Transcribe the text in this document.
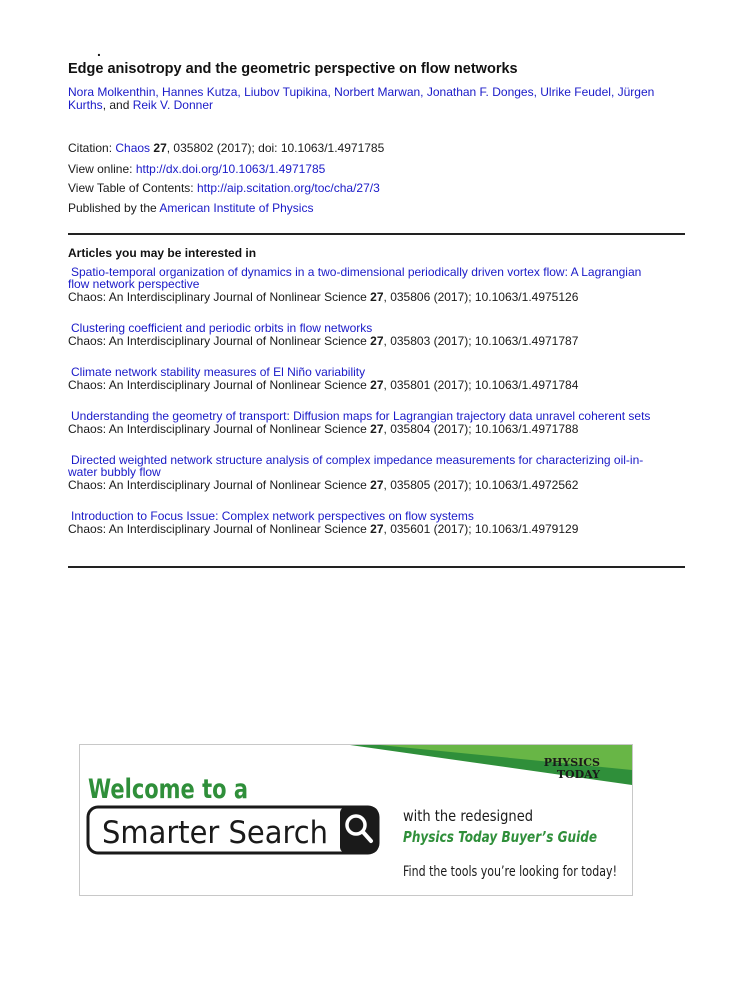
.
Edge anisotropy and the geometric perspective on flow networks
Nora Molkenthin, Hannes Kutza, Liubov Tupikina, Norbert Marwan, Jonathan F. Donges, Ulrike Feudel, Jürgen
Kurths, and Reik V. Donner
Citation: Chaos 27, 035802 (2017); doi: 10.1063/1.4971785
View online: http://dx.doi.org/10.1063/1.4971785
View Table of Contents: http://aip.scitation.org/toc/cha/27/3
Published by the American Institute of Physics
Articles you may be interested in
Spatio-temporal organization of dynamics in a two-dimensional periodically driven vortex flow: A Lagrangian
flow network perspective
Chaos: An Interdisciplinary Journal of Nonlinear Science 27, 035806 (2017); 10.1063/1.4975126
Clustering coefficient and periodic orbits in flow networks
Chaos: An Interdisciplinary Journal of Nonlinear Science 27, 035803 (2017); 10.1063/1.4971787
Climate network stability measures of El Niño variability
Chaos: An Interdisciplinary Journal of Nonlinear Science 27, 035801 (2017); 10.1063/1.4971784
Understanding the geometry of transport: Diffusion maps for Lagrangian trajectory data unravel coherent sets
Chaos: An Interdisciplinary Journal of Nonlinear Science 27, 035804 (2017); 10.1063/1.4971788
Directed weighted network structure analysis of complex impedance measurements for characterizing oil-in-
water bubbly flow
Chaos: An Interdisciplinary Journal of Nonlinear Science 27, 035805 (2017); 10.1063/1.4972562
Introduction to Focus Issue: Complex network perspectives on flow systems
Chaos: An Interdisciplinary Journal of Nonlinear Science 27, 035601 (2017); 10.1063/1.4979129
Welcome to a
Smarter Search
PHYSICS
TODAY
with the redesigned
Physics Today Buyer’s Guide
Find the tools you’re looking for today!
